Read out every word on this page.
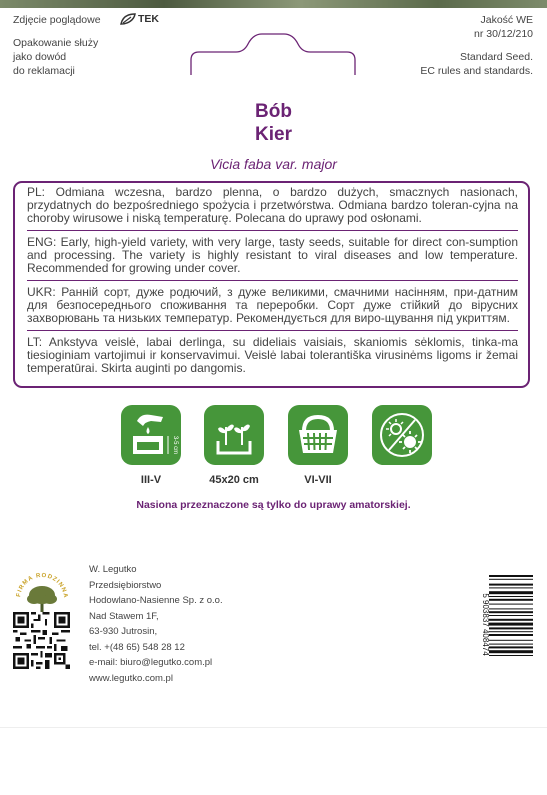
Zdjęcie poglądowe
Opakowanie służy
jako dowód
do reklamacji
TEK	Jakość WE
nr 30/12/210
Standard Seed.
EC rules and standards.
Bób
Kier
Vicia faba var. major

PL: Odmiana wczesna, bardzo plenna, o bardzo dużych, smacznych nasionach, przydatnych do bezpośredniego spożycia i przetwórstwa. Odmiana bardzo toleran-cyjna na choroby wirusowe i niską temperaturę. Polecana do uprawy pod osłonami.

ENG: Early, high-yield variety, with very large, tasty seeds, suitable for direct con-sumption and processing. The variety is highly resistant to viral diseases and low temperature. Recommended for growing under cover.

UKR: Ранній сорт, дуже родючий, з дуже великими, смачними насінням, при-датним для безпосереднього споживання та переробки. Сорт дуже стійкий до вірусних захворювань та низьких температур. Рекомендується для виро-щування під укриттям.

LT: Ankstyva veislė, labai derlinga, su dideliais vaisiais, skaniomis sėklomis, tinka-ma tiesioginiam vartojimui ir konservavimui. Veislė labai tolerantiška virusinėms ligoms ir žemai temperatūrai. Skirta auginti po dangomis.

3-5 cm
III-V	45x20 cm	VI-VII
Nasiona przeznaczone są tylko do uprawy amatorskiej.
FIRMA RODZINNA
W. Legutko
Przedsiębiorstwo
Hodowlano-Nasienne Sp. z o.o.
Nad Stawem 1F,
63-930 Jutrosin,
tel. +(48 65) 548 28 12
e-mail: biuro@legutko.com.pl
www.legutko.com.pl
5 903837 408474
